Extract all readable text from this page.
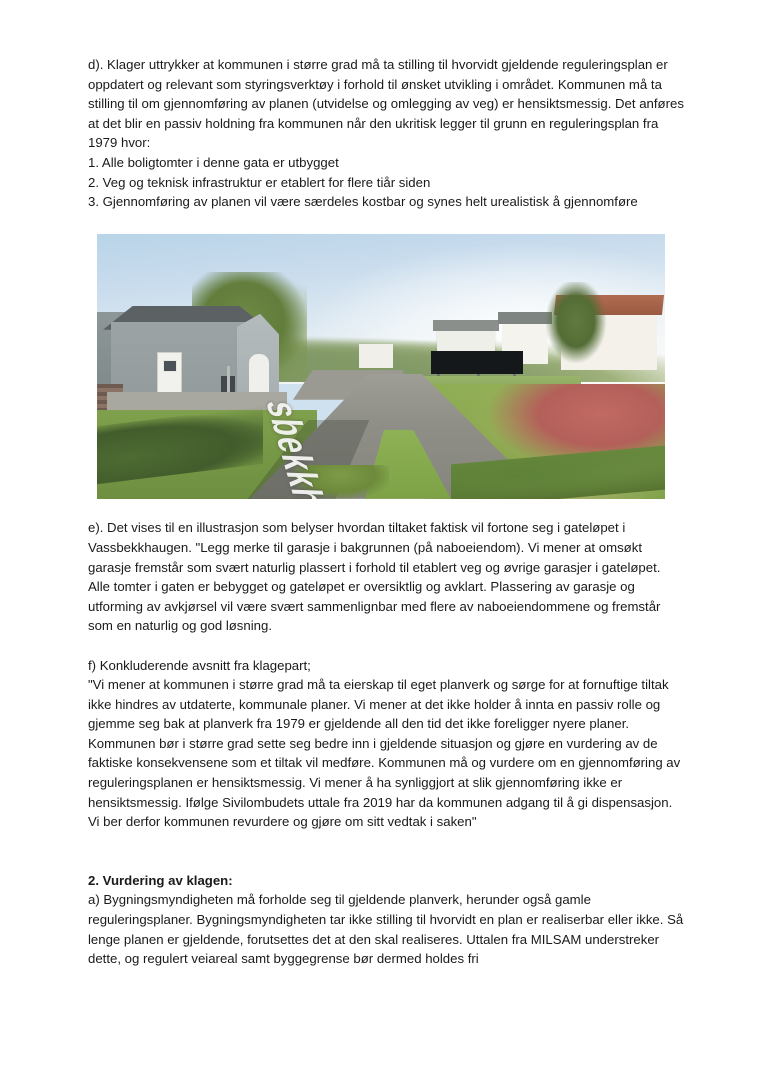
d). Klager uttrykker at kommunen i større grad må ta stilling til hvorvidt gjeldende reguleringsplan er oppdatert og relevant som styringsverktøy i forhold til ønsket utvikling i området. Kommunen må ta stilling til om gjennomføring av planen (utvidelse og omlegging av veg) er hensiktsmessig. Det anføres at det blir en passiv holdning fra kommunen når den ukritisk legger til grunn en reguleringsplan fra 1979 hvor:

1. Alle boligtomter i denne gata er utbygget

2. Veg og teknisk infrastruktur er etablert for flere tiår siden

3. Gjennomføring av planen vil være særdeles kostbar og synes helt urealistisk å gjennomføre

e). Det vises til en illustrasjon som belyser hvordan tiltaket faktisk vil fortone seg i gateløpet i Vassbekkhaugen. "Legg merke til garasje i bakgrunnen (på naboeiendom). Vi mener at omsøkt garasje fremstår som svært naturlig plassert i forhold til etablert veg og øvrige garasjer i gateløpet. Alle tomter i gaten er bebygget og gateløpet er oversiktlig og avklart. Plassering av garasje og utforming av avkjørsel vil være svært sammenlignbar med flere av naboeiendommene og fremstår som en naturlig og god løsning.

f) Konkluderende avsnitt fra klagepart;

"Vi mener at kommunen i større grad må ta eierskap til eget planverk og sørge for at fornuftige tiltak ikke hindres av utdaterte, kommunale planer. Vi mener at det ikke holder å innta en passiv rolle og gjemme seg bak at planverk fra 1979 er gjeldende all den tid det ikke foreligger nyere planer. Kommunen bør i større grad sette seg bedre inn i gjeldende situasjon og gjøre en vurdering av de faktiske konsekvensene som et tiltak vil medføre. Kommunen må og vurdere om en gjennomføring av reguleringsplanen er hensiktsmessig. Vi mener å ha synliggjort at slik gjennomføring ikke er hensiktsmessig. Ifølge Sivilombudets uttale fra 2019 har da kommunen adgang til å gi dispensasjon. Vi ber derfor kommunen revurdere og gjøre om sitt vedtak i saken"

2. Vurdering av klagen:

a) Bygningsmyndigheten må forholde seg til gjeldende planverk, herunder også gamle reguleringsplaner. Bygningsmyndigheten tar ikke stilling til hvorvidt en plan er realiserbar eller ikke. Så lenge planen er gjeldende, forutsettes det at den skal realiseres. Uttalen fra MILSAM understreker dette, og regulert veiareal samt byggegrense bør dermed holdes fri
